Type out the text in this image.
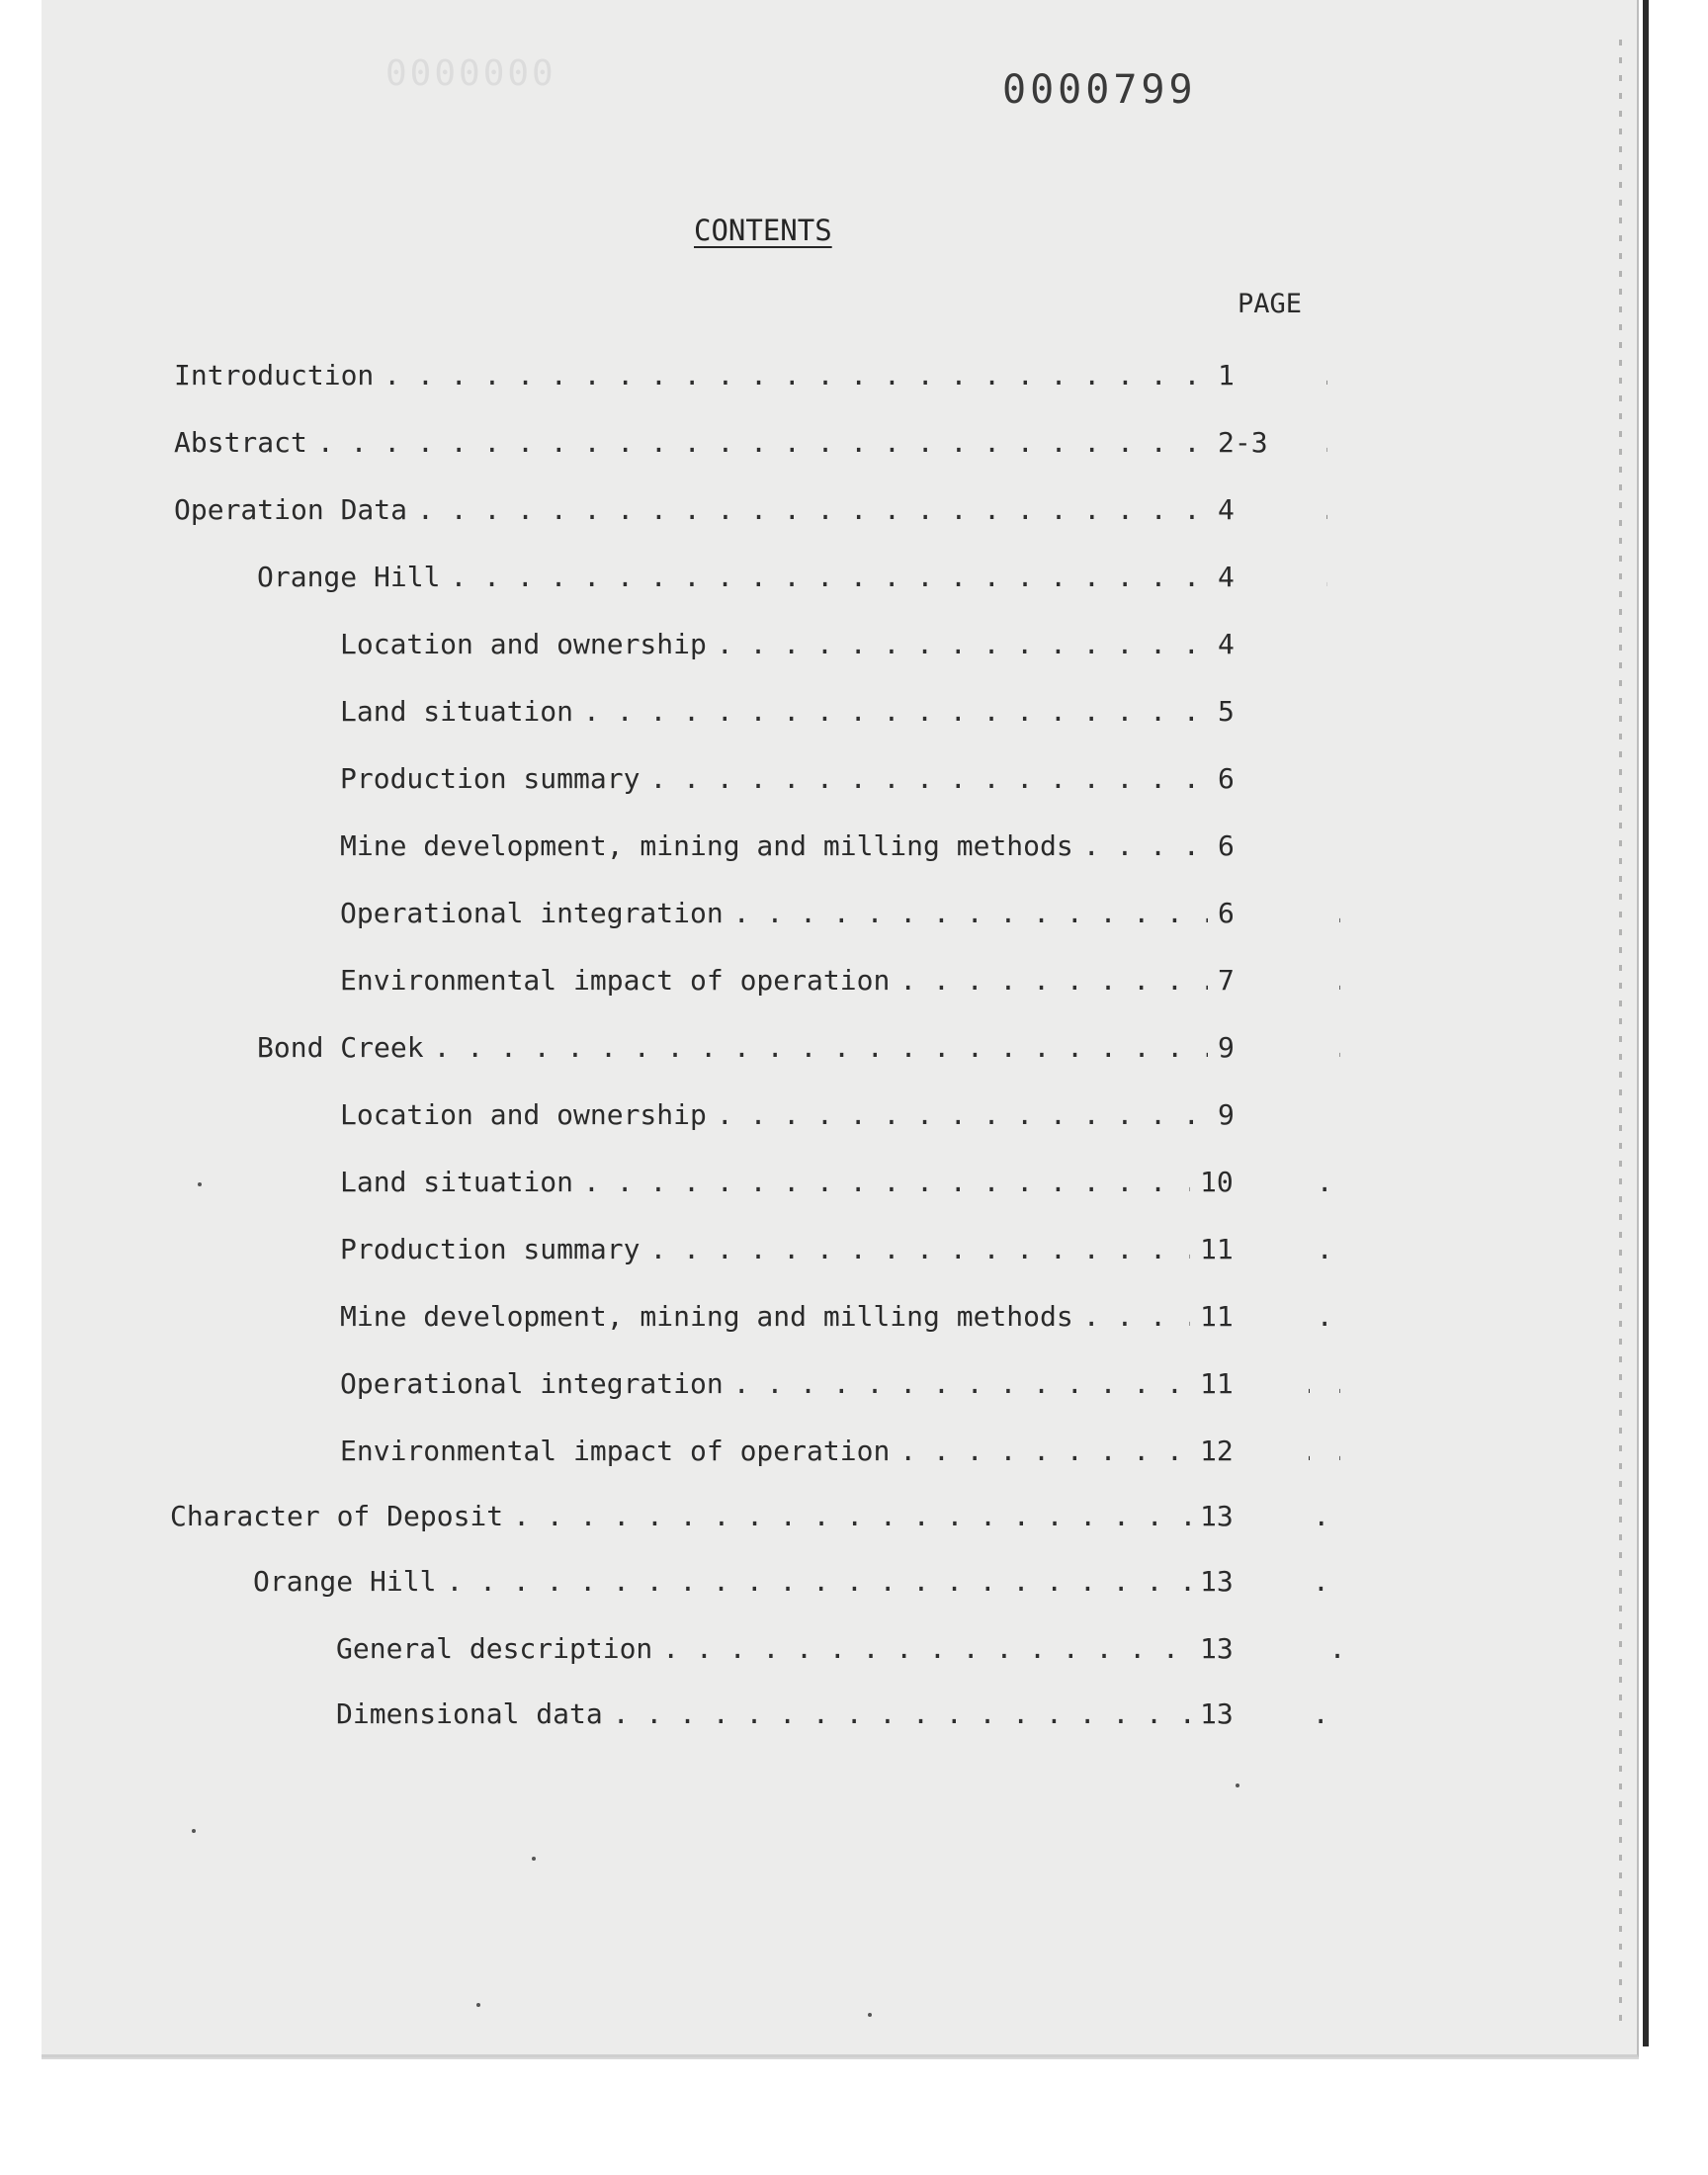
0000000	0000799
CONTENTS
PAGE
Introduction . . .	1
Abstract . . .	2-3
Operation Data . . .	4
Orange Hill . . .	4
Location and ownership . . .	4
Land situation . . .	5
Production summary . . .	6
Mine development, mining and milling methods . . .	6
Operational integration . . .	6
Environmental impact of operation . . .	7
Bond Creek . . .	9
Location and ownership . . .	9
Land situation . . .	10
Production summary . . .	11
Mine development, mining and milling methods . . .	11
Operational integration . . .	11
Environmental impact of operation . . .	12
Character of Deposit . . .	13
Orange Hill . . .	13
General description . . .	13
Dimensional data . . .	13
